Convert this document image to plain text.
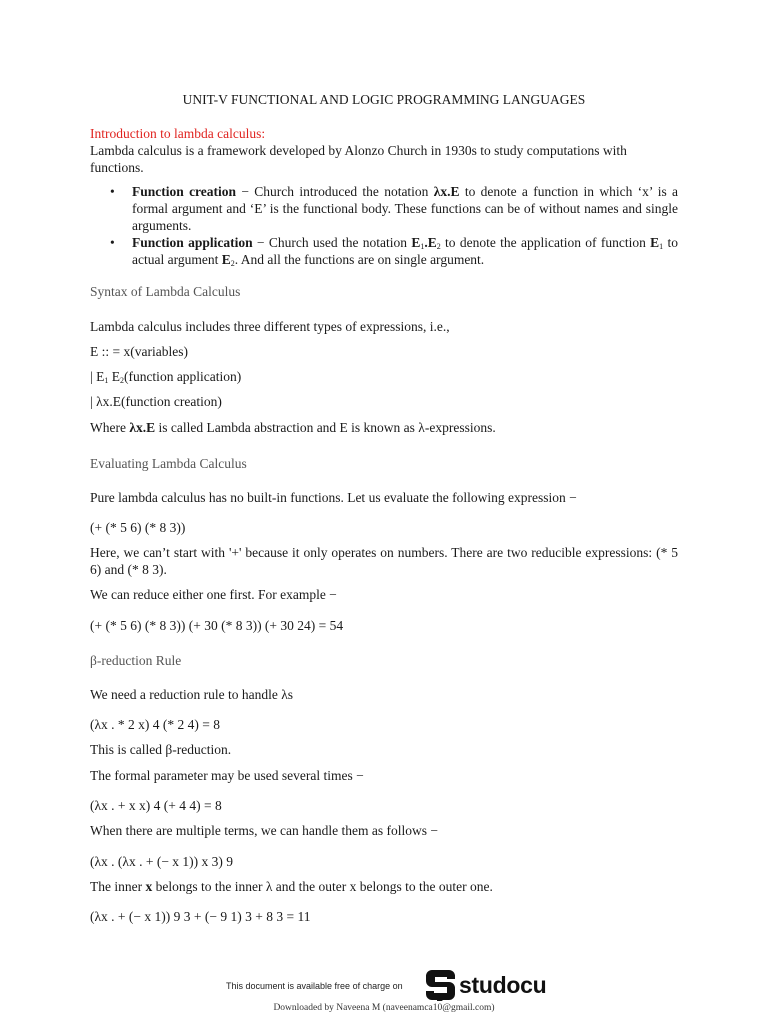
UNIT-V FUNCTIONAL AND LOGIC PROGRAMMING LANGUAGES
Introduction to lambda calculus:
Lambda calculus is a framework developed by Alonzo Church in 1930s to study computations with functions.
• Function creation − Church introduced the notation λx.E to denote a function in which ‘x’ is a formal argument and ‘E’ is the functional body. These functions can be of without names and single arguments.
• Function application − Church used the notation $E_1.E_2$ to denote the application of function $E_1$ to actual argument $E_2$. And all the functions are on single argument.
Syntax of Lambda Calculus
Lambda calculus includes three different types of expressions, i.e.,
E :: = x(variables)
| $E_1$ $E_2(function$ application)
| λx.E(function creation)
Where λx.E is called Lambda abstraction and E is known as λ-expressions.
Evaluating Lambda Calculus
Pure lambda calculus has no built-in functions. Let us evaluate the following expression −
(+ (* 5 6) (* 8 3))
Here, we can’t start with '+' because it only operates on numbers. There are two reducible expressions: (* 5 6) and (* 8 3).
We can reduce either one first. For example −
(+ (* 5 6) (* 8 3)) (+ 30 (* 8 3)) (+ 30 24) = 54
β-reduction Rule
We need a reduction rule to handle λs
(λx . * 2 x) 4 (* 2 4) = 8
This is called β-reduction.
The formal parameter may be used several times −
(λx . + x x) 4 (+ 4 4) = 8
When there are multiple terms, we can handle them as follows −
(λx . (λx . + (− x 1)) x 3) 9
The inner x belongs to the inner λ and the outer x belongs to the outer one.
(λx . + (− x 1)) 9 3 + (− 9 1) 3 + 8 3 = 11
This document is available free of charge on studocu
Downloaded by Naveena M (naveenamca10@gmail.com)
